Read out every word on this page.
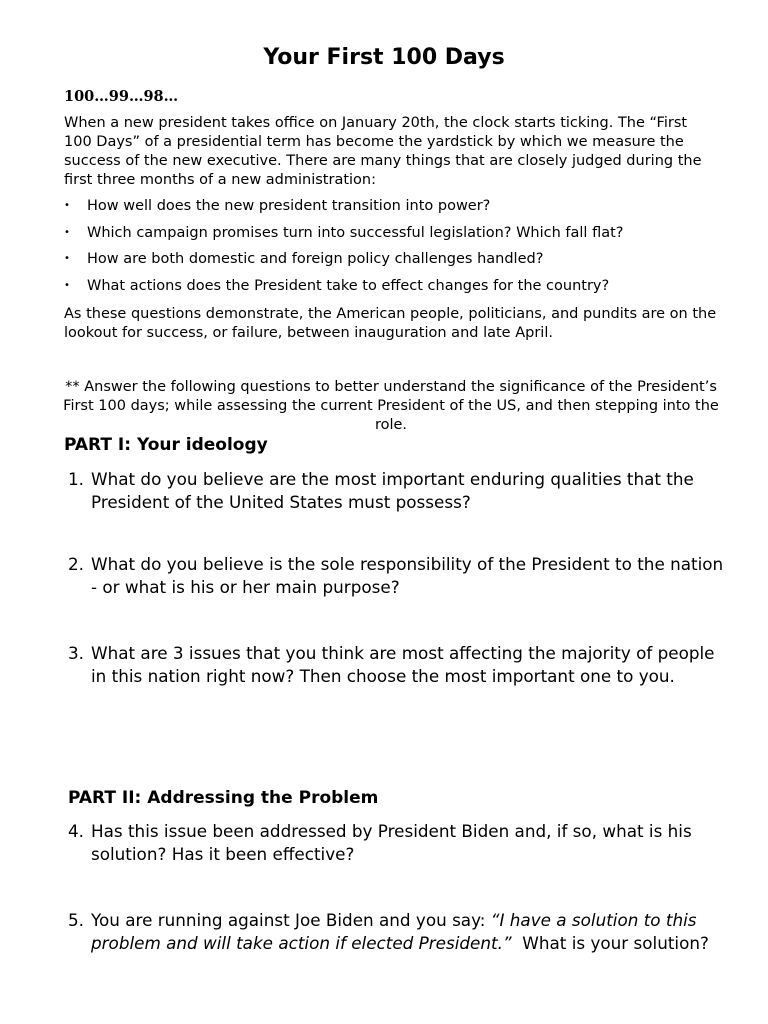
Your First 100 Days
100…99…98…
When a new president takes office on January 20th, the clock starts ticking. The “First 100 Days” of a presidential term has become the yardstick by which we measure the success of the new executive. There are many things that are closely judged during the first three months of a new administration:
• How well does the new president transition into power?
• Which campaign promises turn into successful legislation? Which fall flat?
• How are both domestic and foreign policy challenges handled?
• What actions does the President take to effect changes for the country?
As these questions demonstrate, the American people, politicians, and pundits are on the lookout for success, or failure, between inauguration and late April.
** Answer the following questions to better understand the significance of the President’s First 100 days; while assessing the current President of the US, and then stepping into the role.
PART I: Your ideology
1. What do you believe are the most important enduring qualities that the President of the United States must possess?
2. What do you believe is the sole responsibility of the President to the nation - or what is his or her main purpose?
3. What are 3 issues that you think are most affecting the majority of people in this nation right now? Then choose the most important one to you.
PART II: Addressing the Problem
4. Has this issue been addressed by President Biden and, if so, what is his solution? Has it been effective?
5. You are running against Joe Biden and you say: “I have a solution to this problem and will take action if elected President.”  What is your solution?
